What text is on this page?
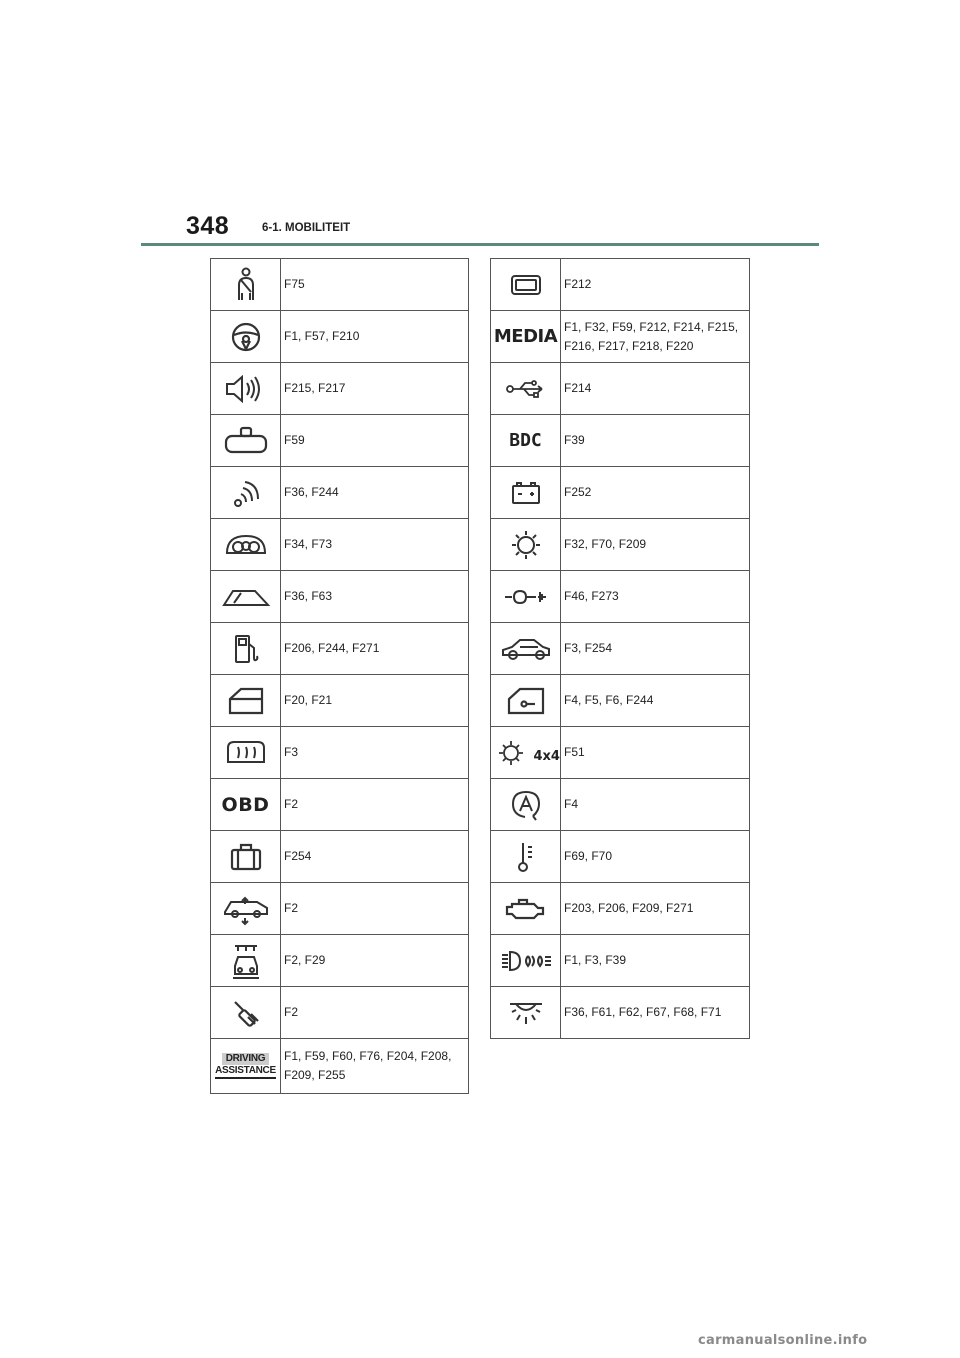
348	6-1. MOBILITEIT
	F75

	F1, F57, F210

	F215, F217

	F59

	F36, F244

	F34, F73

	F36, F63

	F206, F244, F271

	F20, F21

	F3
OBD	F2

	F254

	F2

	F2, F29

	F2

DRIVING ASSISTANCE	F1, F59, F60, F76, F204, F208, F209, F255
	F212
MEDIA	F1, F32, F59, F212, F214, F215, F216, F217, F218, F220

	F214
BDC	F39

	F252

	F32, F70, F209

	F46, F273

	F3, F254

	F4, F5, F6, F244

4x4	F51

	F4

	F69, F70

	F203, F206, F209, F271

	F1, F3, F39

	F36, F61, F62, F67, F68, F71
carmanualsonline.info
